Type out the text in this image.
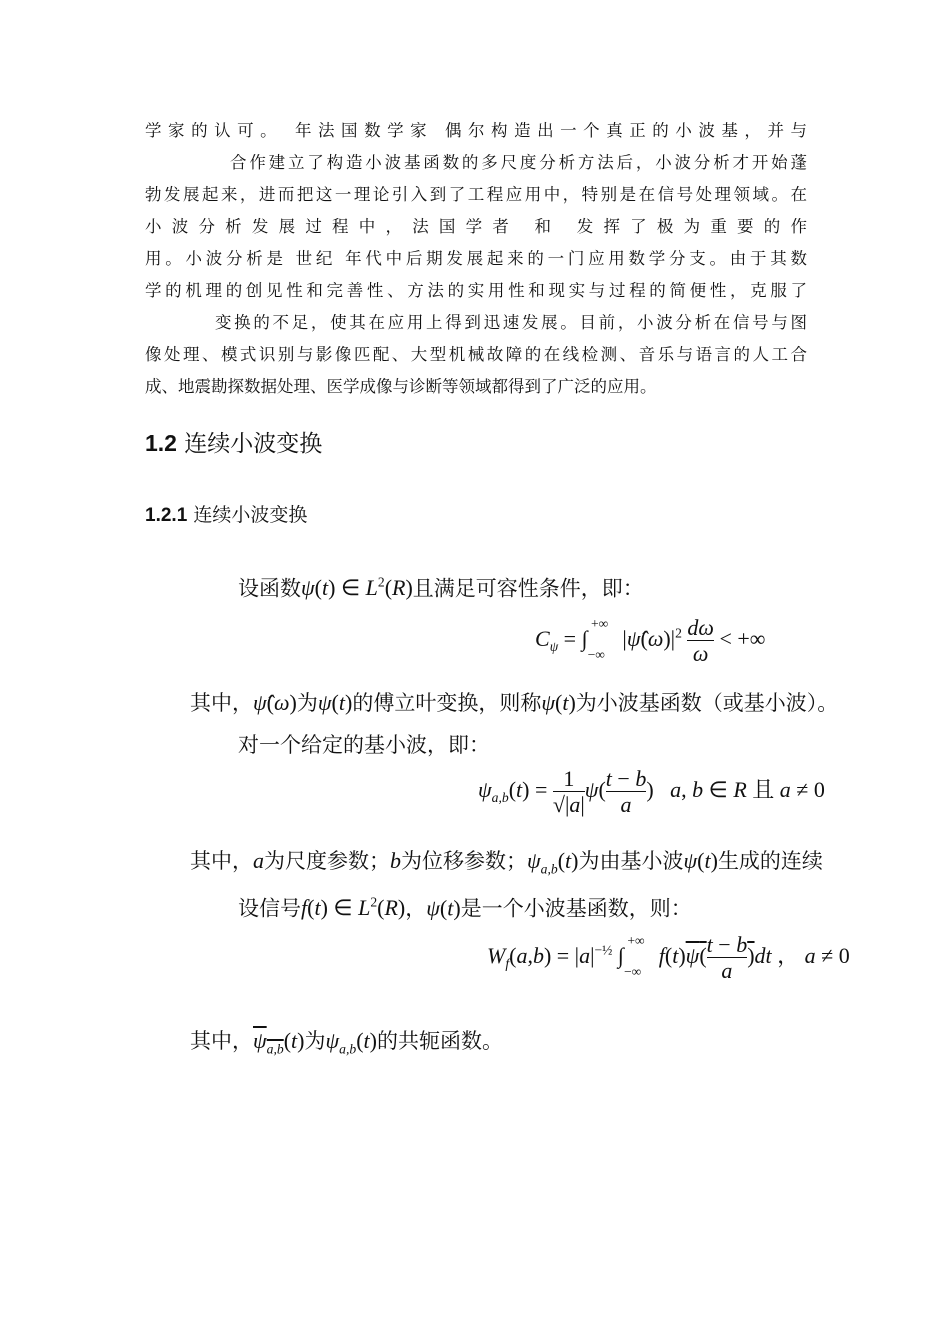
学家的认可。 年法国数学家 偶尔构造出一个真正的小波基，并与
合作建立了构造小波基函数的多尺度分析方法后，小波分析才开始蓬
勃发展起来，进而把这一理论引入到了工程应用中，特别是在信号处理领域。在
小波分析发展过程中，法国学者 和 发挥了极为重要的作
用。小波分析是 世纪 年代中后期发展起来的一门应用数学分支。由于其数
学的机理的创见性和完善性、方法的实用性和现实与过程的简便性，克服了
变换的不足，使其在应用上得到迅速发展。目前，小波分析在信号与图
像处理、模式识别与影像匹配、大型机械故障的在线检测、音乐与语言的人工合
成、地震勘探数据处理、医学成像与诊断等领域都得到了广泛的应用。
1.2 连续小波变换
1.2.1 连续小波变换
设函数ψ(t) ∈ $L^2(R)$且满足可容性条件，即：
$C_\psi$ = $\int_{-\infty}^{+\infty}|\psî(\omega)|^2 \frac{d\omega}{\omega}$ < +∞
其中，ψ̂(ω)为ψ(t)的傅立叶变换，则称ψ(t)为小波基函数（或基小波）。
对一个给定的基小波，即：
$\psi_{a,b}(t) = \frac{1}{√|a|} \psi( \frac{t - b}{a}$ )   a, b ∈ R 且 a ≠ 0
其中，a为尺度参数；b为位移参数；$\psi_{a,b}(t)$为由基小波ψ(t)生成的连续
设信号f(t) ∈ $L^2(R)$，ψ(t)是一个小波基函数，则：
$W_f(a,b) = |a|^{-\frac{1}{2}}$ $\int_{-\infty}^{+\infty}f(t)\psi( \frac{t - b}{a} )dt$ ， a ≠ 0
其中，$\psi_{a,b}(t)$为$\psi_{a,b}(t)$的共轭函数。
